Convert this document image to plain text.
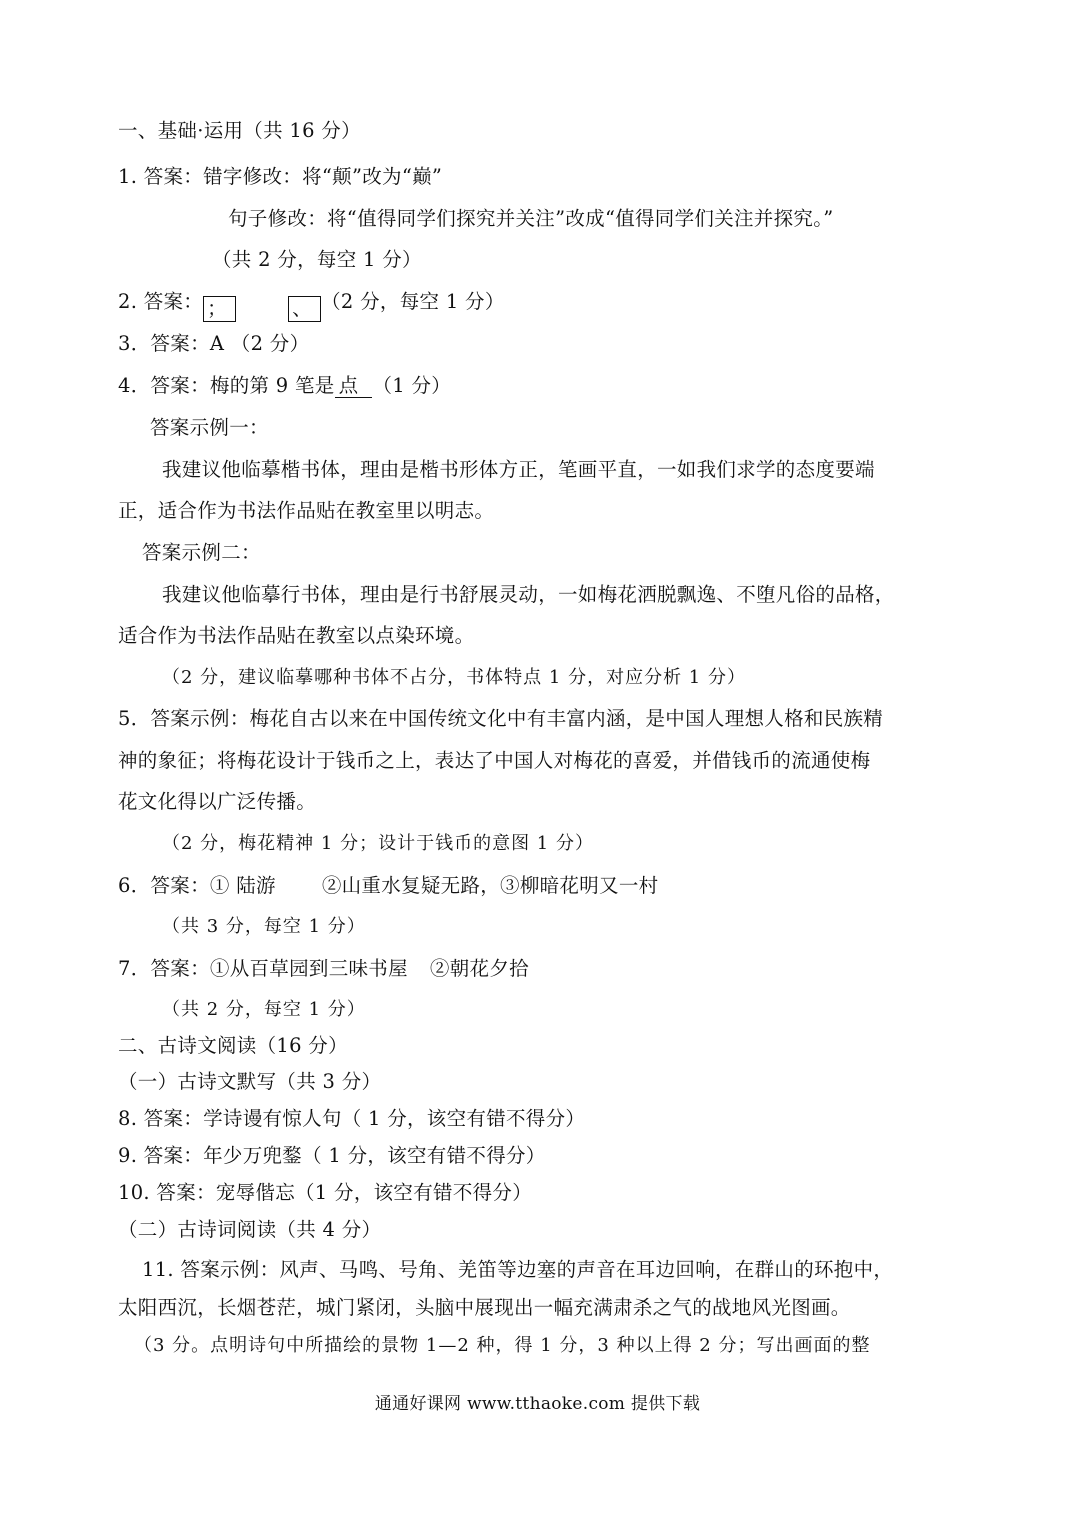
一、基础·运用（共 16 分）
1. 答案：错字修改：将“颠”改为“巅”
句子修改：将“值得同学们探究并关注”改成“值得同学们关注并探究。”
（共 2 分，每空 1 分）
2. 答案： ；	、 （2 分，每空 1 分）
3．答案：A （2 分）
4．答案：梅的第 9 笔是 点 （1 分）
答案示例一：
我建议他临摹楷书体，理由是楷书形体方正，笔画平直，一如我们求学的态度要端
正，适合作为书法作品贴在教室里以明志。
答案示例二：
我建议他临摹行书体，理由是行书舒展灵动，一如梅花洒脱飘逸、不堕凡俗的品格，
适合作为书法作品贴在教室以点染环境。
（2 分，建议临摹哪种书体不占分，书体特点 1 分，对应分析 1 分）
5．答案示例：梅花自古以来在中国传统文化中有丰富内涵，是中国人理想人格和民族精
神的象征；将梅花设计于钱币之上，表达了中国人对梅花的喜爱，并借钱币的流通使梅
花文化得以广泛传播。
（2 分，梅花精神 1 分；设计于钱币的意图 1 分）
6．答案：① 陆游 ②山重水复疑无路，③柳暗花明又一村
（共 3 分，每空 1 分）
7．答案：①从百草园到三味书屋 ②朝花夕拾
（共 2 分，每空 1 分）
二、古诗文阅读（16 分）
（一）古诗文默写（共 3 分）
8. 答案：学诗谩有惊人句（ 1 分，该空有错不得分）
9. 答案：年少万兜鍪（ 1 分，该空有错不得分）
10. 答案：宠辱偕忘（1 分，该空有错不得分）
（二）古诗词阅读（共 4 分）
11. 答案示例：风声、马鸣、号角、羌笛等边塞的声音在耳边回响，在群山的环抱中，
太阳西沉，长烟苍茫，城门紧闭，头脑中展现出一幅充满肃杀之气的战地风光图画。
（3 分。点明诗句中所描绘的景物 1—2 种，得 1 分，3 种以上得 2 分；写出画面的整
通通好课网 www.tthaoke.com 提供下载
